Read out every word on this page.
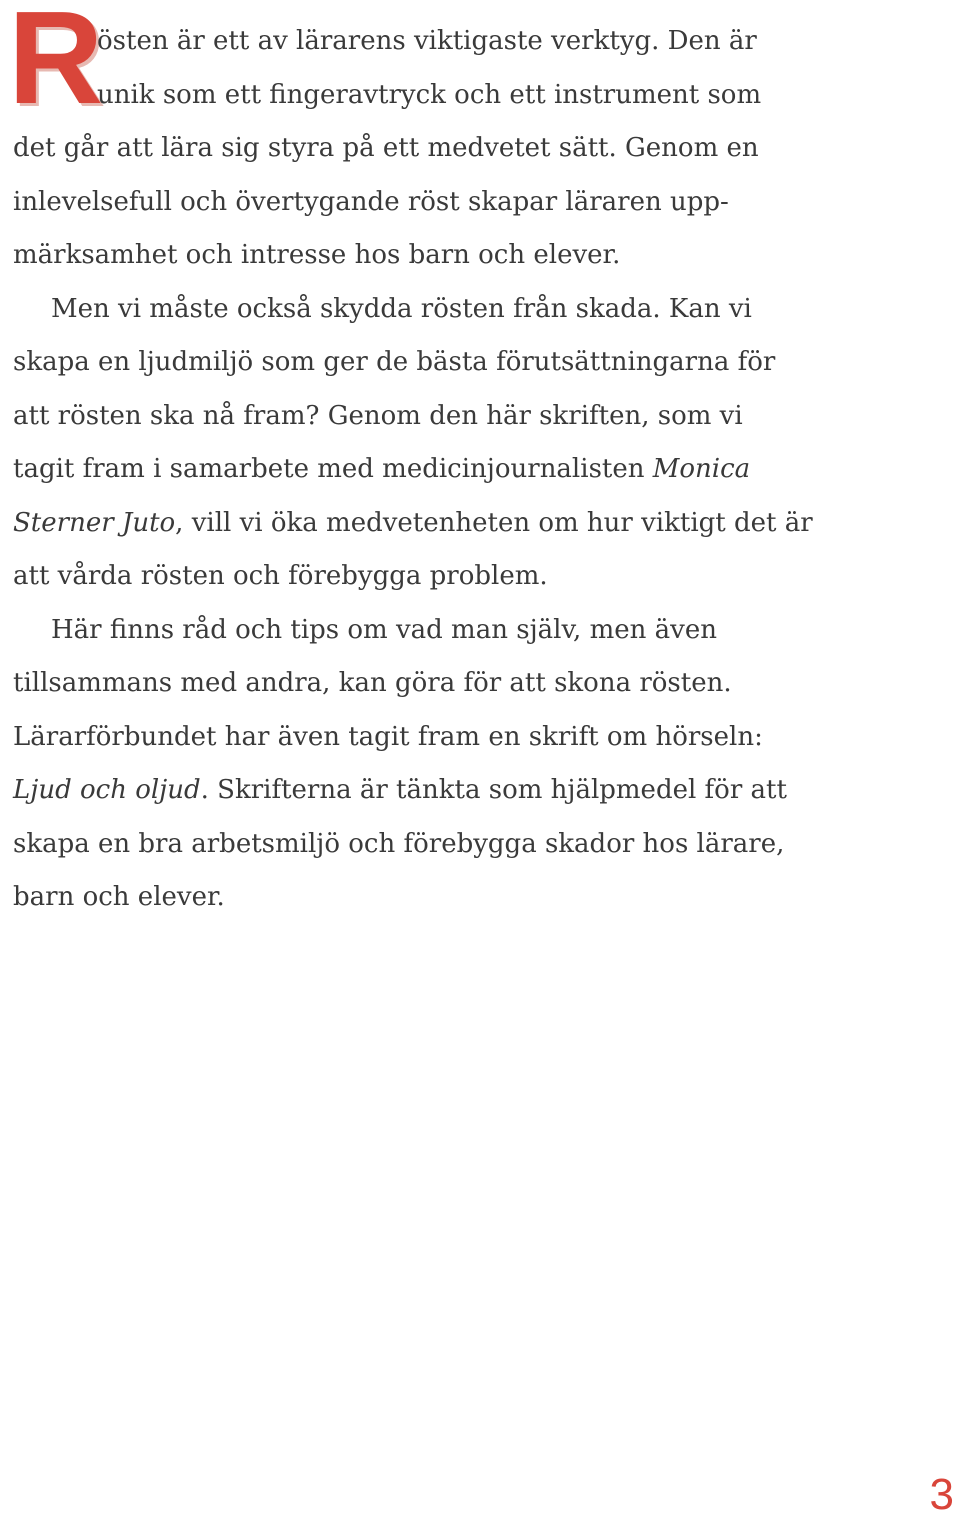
R
östen är ett av lärarens viktigaste verktyg. Den är
unik som ett fingeravtryck och ett instrument som
det går att lära sig styra på ett medvetet sätt. Genom en
inlevelsefull och övertygande röst skapar läraren upp-
märksamhet och intresse hos barn och elever.
Men vi måste också skydda rösten från skada. Kan vi
skapa en ljudmiljö som ger de bästa förutsättningarna för
att rösten ska nå fram? Genom den här skriften, som vi
tagit fram i samarbete med medicinjournalisten Monica
Sterner Juto, vill vi öka medvetenheten om hur viktigt det är
att vårda rösten och förebygga problem.
Här finns råd och tips om vad man själv, men även
tillsammans med andra, kan göra för att skona rösten.
Lärarförbundet har även tagit fram en skrift om hörseln:
Ljud och oljud. Skrifterna är tänkta som hjälpmedel för att
skapa en bra arbetsmiljö och förebygga skador hos lärare,
barn och elever.
3
